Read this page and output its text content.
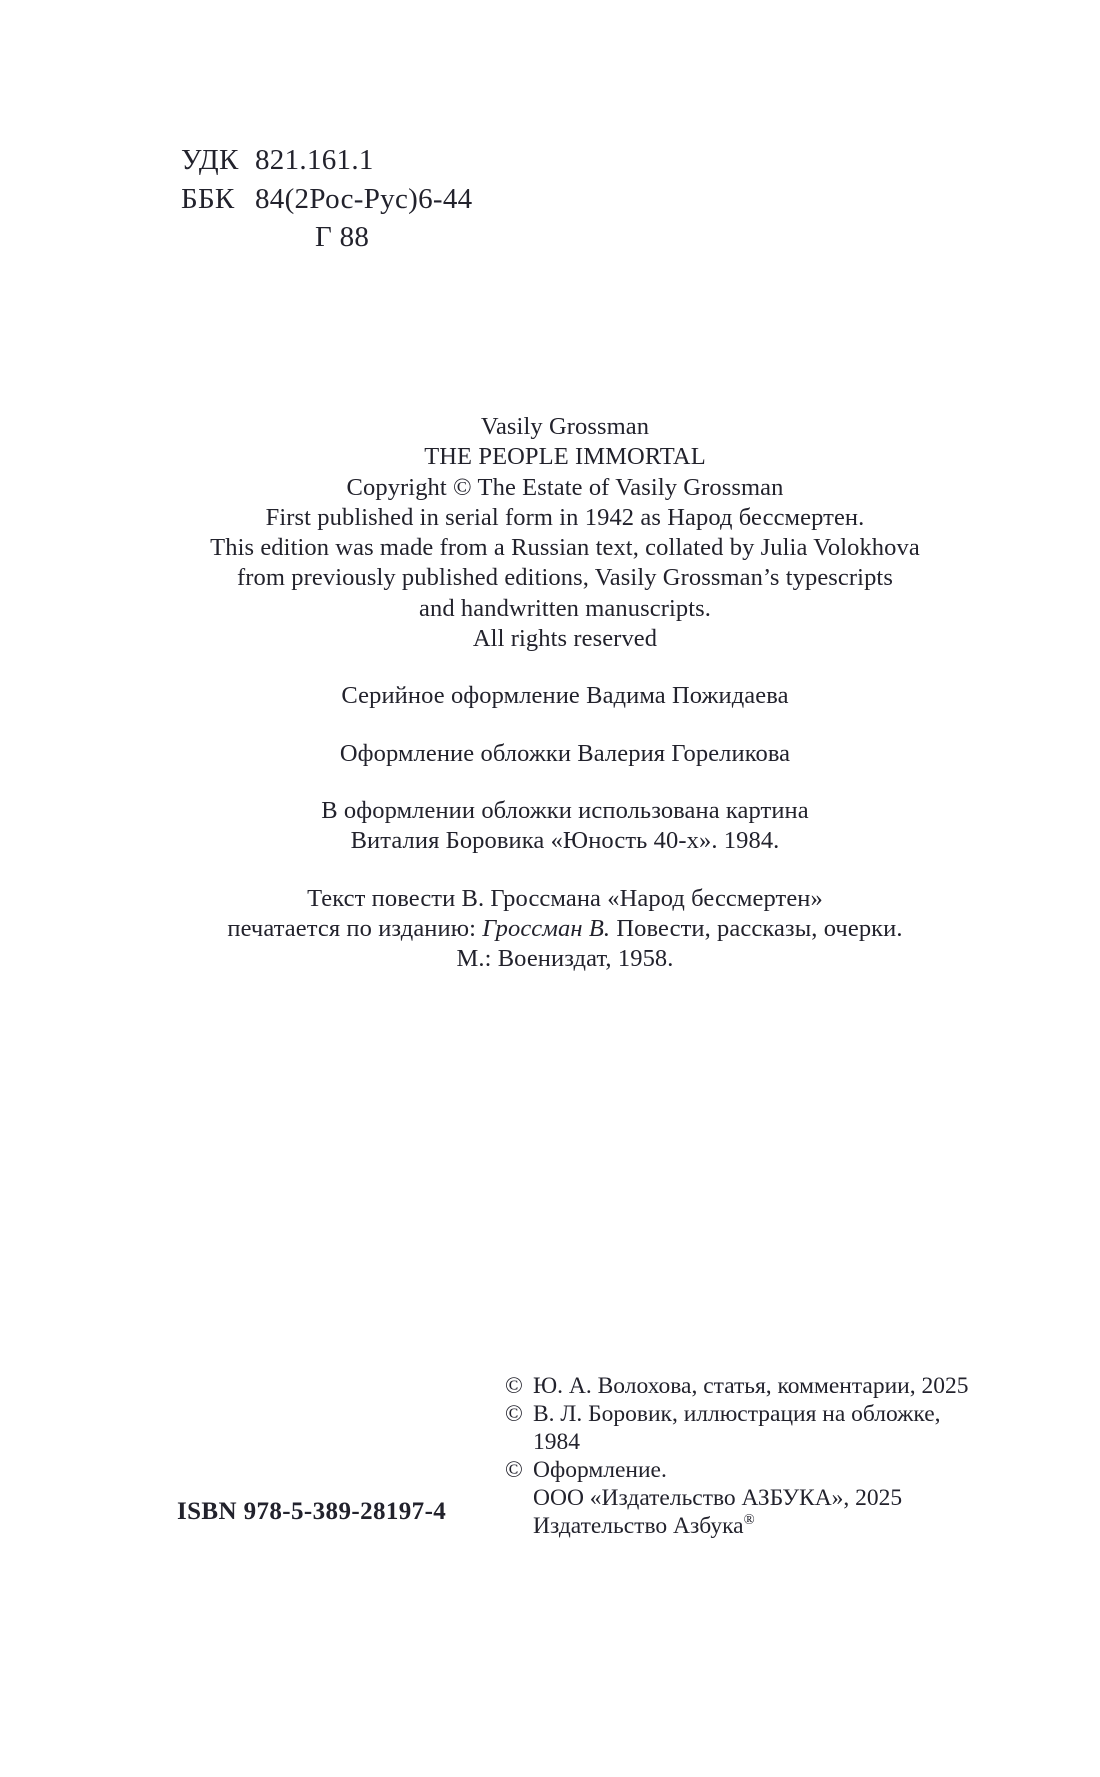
УДК 821.161.1
ББК 84(2Рос-Рус)6-44
Г 88
Vasily Grossman
THE PEOPLE IMMORTAL
Copyright © The Estate of Vasily Grossman
First published in serial form in 1942 as Народ бессмертен.
This edition was made from a Russian text, collated by Julia Volokhova
from previously published editions, Vasily Grossman’s typescripts
and handwritten manuscripts.
All rights reserved
Серийное оформление Вадима Пожидаева
Оформление обложки Валерия Гореликова
В оформлении обложки использована картина
Виталия Боровика «Юность 40-х». 1984.
Текст повести В. Гроссмана «Народ бессмертен»
печатается по изданию: Гроссман В. Повести, рассказы, очерки.
М.: Воениздат, 1958.
© Ю. А. Волохова, статья, комментарии, 2025
© В. Л. Боровик, иллюстрация на обложке,
1984
© Оформление.
ООО «Издательство АЗБУКА», 2025
Издательство Азбука®
ISBN 978-5-389-28197-4
